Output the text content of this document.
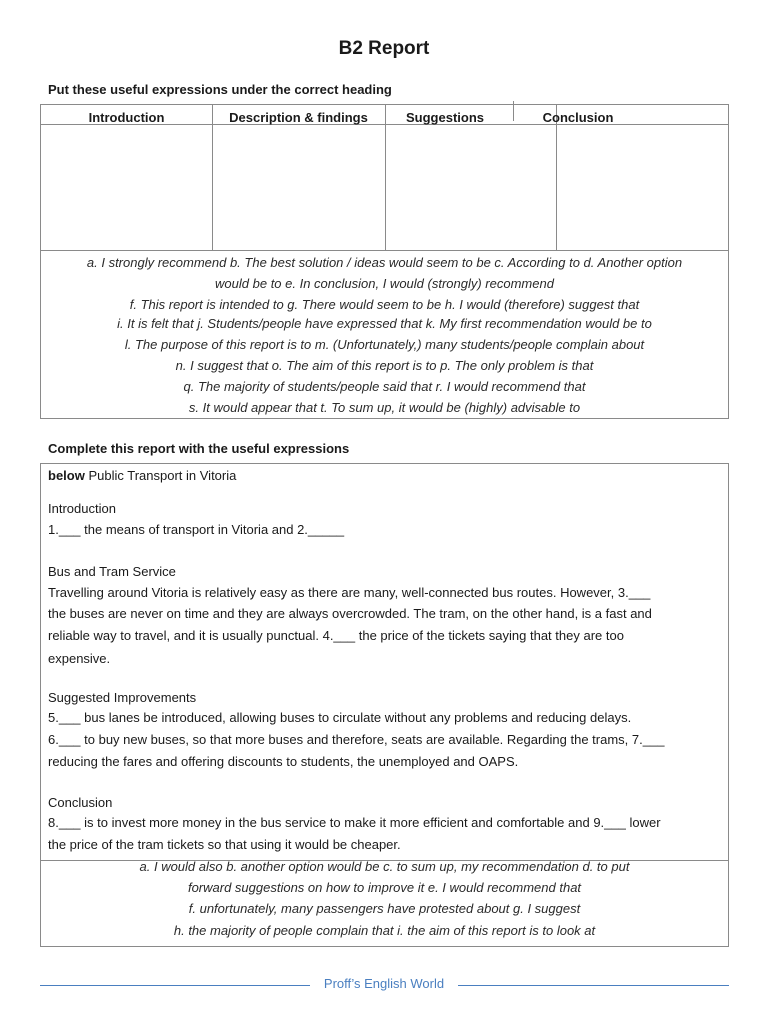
B2 Report
Put these useful expressions under the correct heading
Introduction	Description & findings	Suggestions	Conclusion
a. I strongly recommend b. The best solution / ideas would seem to be c. According to d. Another option
would be to e. In conclusion, I would (strongly) recommend
f. This report is intended to g. There would seem to be h. I would (therefore) suggest that
i. It is felt that j. Students/people have expressed that k. My first recommendation would be to
l. The purpose of this report is to m. (Unfortunately,) many students/people complain about
n. I suggest that o. The aim of this report is to p. The only problem is that
q. The majority of students/people said that r. I would recommend that
s. It would appear that t. To sum up, it would be (highly) advisable to
Complete this report with the useful expressions
below Public Transport in Vitoria
Introduction
1.___ the means of transport in Vitoria and 2._____
Bus and Tram Service
Travelling around Vitoria is relatively easy as there are many, well-connected bus routes. However, 3.___
the buses are never on time and they are always overcrowded. The tram, on the other hand, is a fast and
reliable way to travel, and it is usually punctual. 4.___ the price of the tickets saying that they are too
expensive.
Suggested Improvements
5.___ bus lanes be introduced, allowing buses to circulate without any problems and reducing delays.
6.___ to buy new buses, so that more buses and therefore, seats are available. Regarding the trams, 7.___
reducing the fares and offering discounts to students, the unemployed and OAPS.
Conclusion
8.___ is to invest more money in the bus service to make it more efficient and comfortable and 9.___ lower
the price of the tram tickets so that using it would be cheaper.
a. I would also b. another option would be c. to sum up, my recommendation d. to put
forward suggestions on how to improve it e. I would recommend that
f. unfortunately, many passengers have protested about g. I suggest
h. the majority of people complain that i. the aim of this report is to look at
Proff’s English World
